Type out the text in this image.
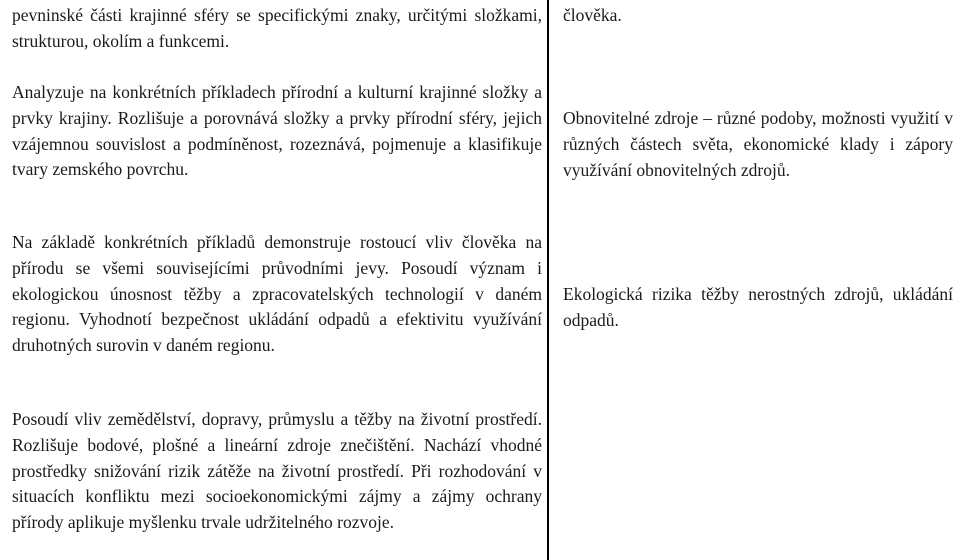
pevninské části krajinné sféry se specifickými znaky, určitými složkami, strukturou, okolím a funkcemi.

Analyzuje na konkrétních příkladech přírodní a kulturní krajinné složky a prvky krajiny. Rozlišuje a porovnává složky a prvky přírodní sféry, jejich vzájemnou souvislost a podmíněnost, rozeznává, pojmenuje a klasifikuje tvary zemského povrchu.

Na základě konkrétních příkladů demonstruje rostoucí vliv člověka na přírodu se všemi souvisejícími průvodními jevy. Posoudí význam i ekologickou únosnost těžby a zpracovatelských technologií v daném regionu. Vyhodnotí bezpečnost ukládání odpadů a efektivitu využívání druhotných surovin v daném regionu.

Posoudí vliv zemědělství, dopravy, průmyslu a těžby na životní prostředí. Rozlišuje bodové, plošné a lineární zdroje znečištění. Nachází vhodné prostředky snižování rizik zátěže na životní prostředí. Při rozhodování v situacích konfliktu mezi socioekonomickými zájmy a zájmy ochrany přírody aplikuje myšlenku trvale udržitelného rozvoje.

člověka.

Obnovitelné zdroje – různé podoby, možnosti využití v různých částech světa, ekonomické klady i zápory využívání obnovitelných zdrojů.

Ekologická rizika těžby nerostných zdrojů, ukládání odpadů.
